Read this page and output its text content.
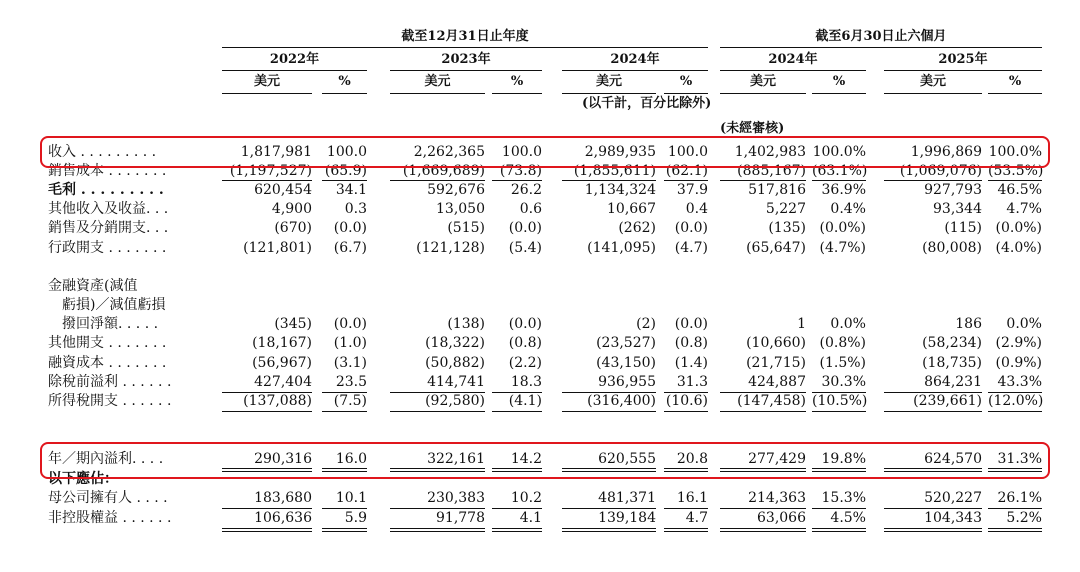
截至12月31日止年度	截至6月30日止六個月
2022年	2023年	2024年	2024年	2025年
美元	%	美元	%	美元	%	美元	%	美元	%
(以千計，百分比除外)
(未經審核)
收入 . . . . . . . . .	1,817,981	100.0	2,262,365	100.0	2,989,935 100.0	1,402,983 100.0%	1,996,869 100.0%
銷售成本 . . . . . . .	(1,197,527) (65.9)	(1,669,689)	(73.8)	(1,855,611) (62.1)	(885,167) (63.1%)	(1,069,076) (53.5%)
毛利 . . . . . . . . .	620,454	34.1	592,676	26.2	1,134,324	37.9	517,816	36.9%	927,793	46.5%
其他收入及收益. . .	4,900	0.3	13,050	0.6	10,667	0.4	5,227	0.4%	93,344	4.7%
銷售及分銷開支. . .	(670)	(0.0)	(515)	(0.0)	(262)	(0.0)	(135) (0.0%)	(115) (0.0%)
行政開支 . . . . . . .	(121,801)	(6.7)	(121,128)	(5.4)	(141,095)	(4.7)	(65,647) (4.7%)	(80,008) (4.0%)
金融資產(減值
　虧損)／減值虧損
　撥回淨額. . . . .	(345)	(0.0)	(138)	(0.0)	(2)	(0.0)	1	0.0%	186	0.0%
其他開支 . . . . . . .	(18,167)	(1.0)	(18,322)	(0.8)	(23,527)	(0.8)	(10,660) (0.8%)	(58,234) (2.9%)
融資成本 . . . . . . .	(56,967)	(3.1)	(50,882)	(2.2)	(43,150)	(1.4)	(21,715) (1.5%)	(18,735) (0.9%)
除稅前溢利 . . . . . .	427,404	23.5	414,741	18.3	936,955	31.3	424,887	30.3%	864,231	43.3%
所得稅開支 . . . . . .	(137,088)	(7.5)	(92,580)	(4.1)	(316,400) (10.6)	(147,458) (10.5%)	(239,661) (12.0%)
年／期內溢利. . . .	290,316	16.0	322,161	14.2	620,555	20.8	277,429	19.8%	624,570	31.3%
以下應佔：
母公司擁有人 . . . .	183,680	10.1	230,383	10.2	481,371	16.1	214,363	15.3%	520,227	26.1%
非控股權益 . . . . . .	106,636	5.9	91,778	4.1	139,184	4.7	63,066	4.5%	104,343	5.2%
